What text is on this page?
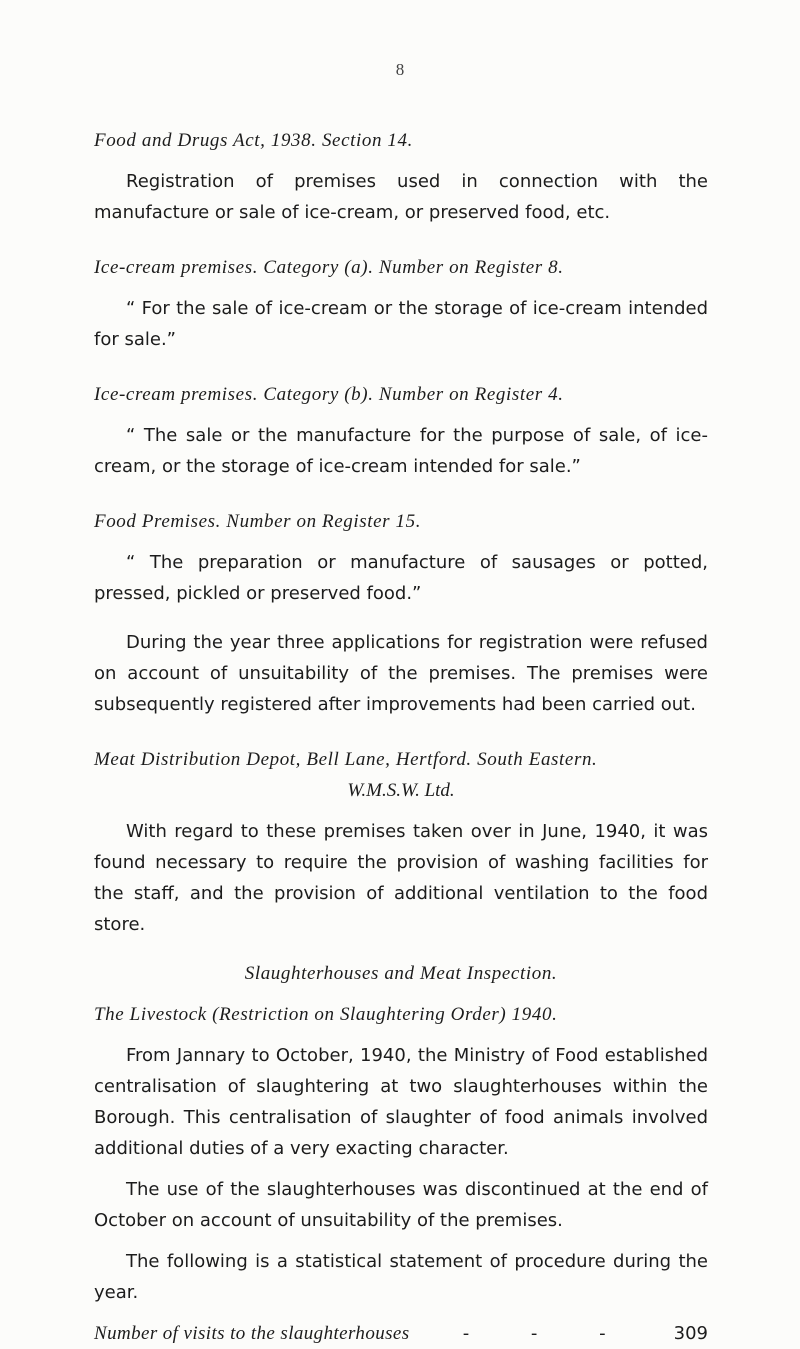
8

Food and Drugs Act, 1938. Section 14.

Registration of premises used in connection with the manufacture or sale of ice-cream, or preserved food, etc.

Ice-cream premises. Category (a). Number on Register 8.

“ For the sale of ice-cream or the storage of ice-cream intended for sale.”

Ice-cream premises. Category (b). Number on Register 4.

“ The sale or the manufacture for the purpose of sale, of ice-cream, or the storage of ice-cream intended for sale.”

Food Premises. Number on Register 15.

“ The preparation or manufacture of sausages or potted, pressed, pickled or preserved food.”

During the year three applications for registration were refused on account of unsuitability of the premises. The premises were subsequently registered after improvements had been carried out.

Meat Distribution Depot, Bell Lane, Hertford. South Eastern.

W.M.S.W. Ltd.

With regard to these premises taken over in June, 1940, it was found necessary to require the provision of washing facilities for the staff, and the provision of additional ventilation to the food store.

Slaughterhouses and Meat Inspection.

The Livestock (Restriction on Slaughtering Order) 1940.

From Jannary to October, 1940, the Ministry of Food established centralisation of slaughtering at two slaughterhouses within the Borough. This centralisation of slaughter of food animals involved additional duties of a very exacting character.

The use of the slaughterhouses was discontinued at the end of October on account of unsuitability of the premises.

The following is a statistical statement of procedure during the year.

Number of visits to the slaughterhouses	- - -	309
